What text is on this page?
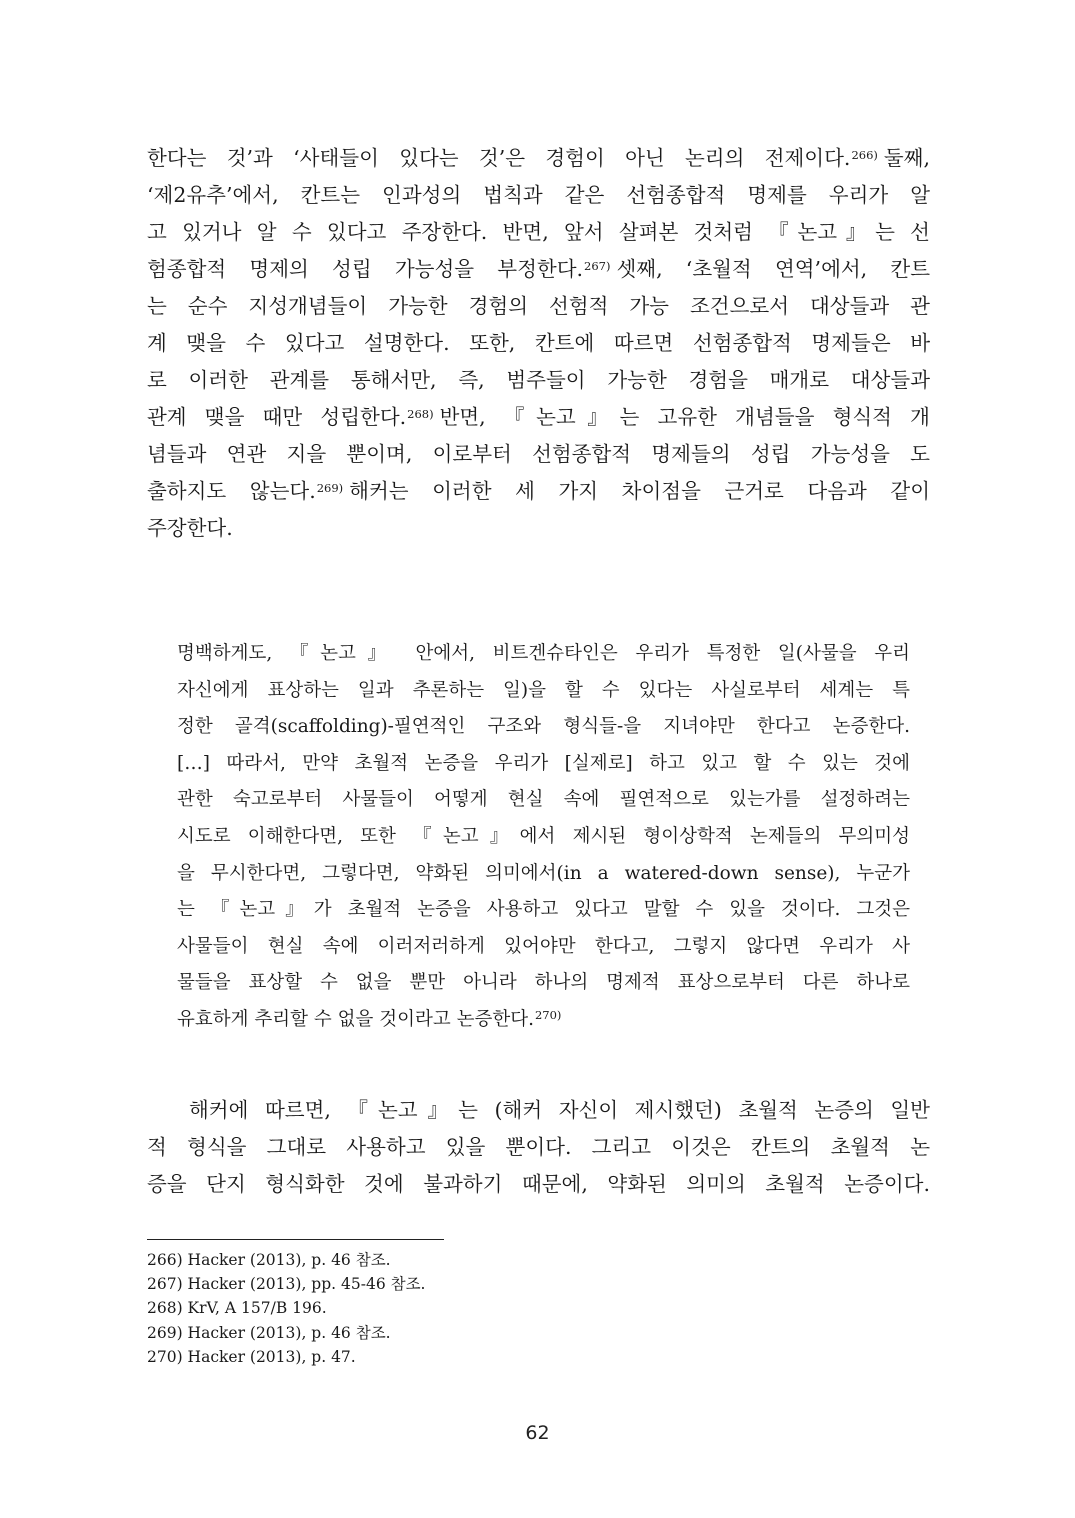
한다는 것’과 ‘사태들이 있다는 것’은 경험이 아닌 논리의 전제이다.$^{266)}$ 둘째,
‘제2유추’에서, 칸트는 인과성의 법칙과 같은 선험종합적 명제를 우리가 알
고 있거나 알 수 있다고 주장한다. 반면, 앞서 살펴본 것처럼 『논고』는 선
험종합적 명제의 성립 가능성을 부정한다.$^{267)}$ 셋째, ‘초월적 연역’에서, 칸트
는 순수 지성개념들이 가능한 경험의 선험적 가능 조건으로서 대상들과 관
계 맺을 수 있다고 설명한다. 또한, 칸트에 따르면 선험종합적 명제들은 바
로 이러한 관계를 통해서만, 즉, 범주들이 가능한 경험을 매개로 대상들과
관계 맺을 때만 성립한다.$^{268)}$ 반면, 『논고』는 고유한 개념들을 형식적 개
념들과 연관 지을 뿐이며, 이로부터 선험종합적 명제들의 성립 가능성을 도
출하지도 않는다.$^{269)}$ 해커는 이러한 세 가지 차이점을 근거로 다음과 같이
주장한다.

명백하게도, 『논고』 안에서, 비트겐슈타인은 우리가 특정한 일(사물을 우리
자신에게 표상하는 일과 추론하는 일)을 할 수 있다는 사실로부터 세계는 특
정한 골격(scaffolding)-필연적인 구조와 형식들-을 지녀야만 한다고 논증한다.
[…] 따라서, 만약 초월적 논증을 우리가 [실제로] 하고 있고 할 수 있는 것에
관한 숙고로부터 사물들이 어떻게 현실 속에 필연적으로 있는가를 설정하려는
시도로 이해한다면, 또한 『논고』에서 제시된 형이상학적 논제들의 무의미성
을 무시한다면, 그렇다면, 약화된 의미에서(in a watered-down sense), 누군가
는 『논고』가 초월적 논증을 사용하고 있다고 말할 수 있을 것이다. 그것은
사물들이 현실 속에 이러저러하게 있어야만 한다고, 그렇지 않다면 우리가 사
물들을 표상할 수 없을 뿐만 아니라 하나의 명제적 표상으로부터 다른 하나로
유효하게 추리할 수 없을 것이라고 논증한다.$^{270)}$

해커에 따르면, 『논고』는 (해커 자신이 제시했던) 초월적 논증의 일반
적 형식을 그대로 사용하고 있을 뿐이다. 그리고 이것은 칸트의 초월적 논
증을 단지 형식화한 것에 불과하기 때문에, 약화된 의미의 초월적 논증이다.

266) Hacker (2013), p. 46 참조.
267) Hacker (2013), pp. 45-46 참조.
268) KrV, A 157/B 196.
269) Hacker (2013), p. 46 참조.
270) Hacker (2013), p. 47.
62
